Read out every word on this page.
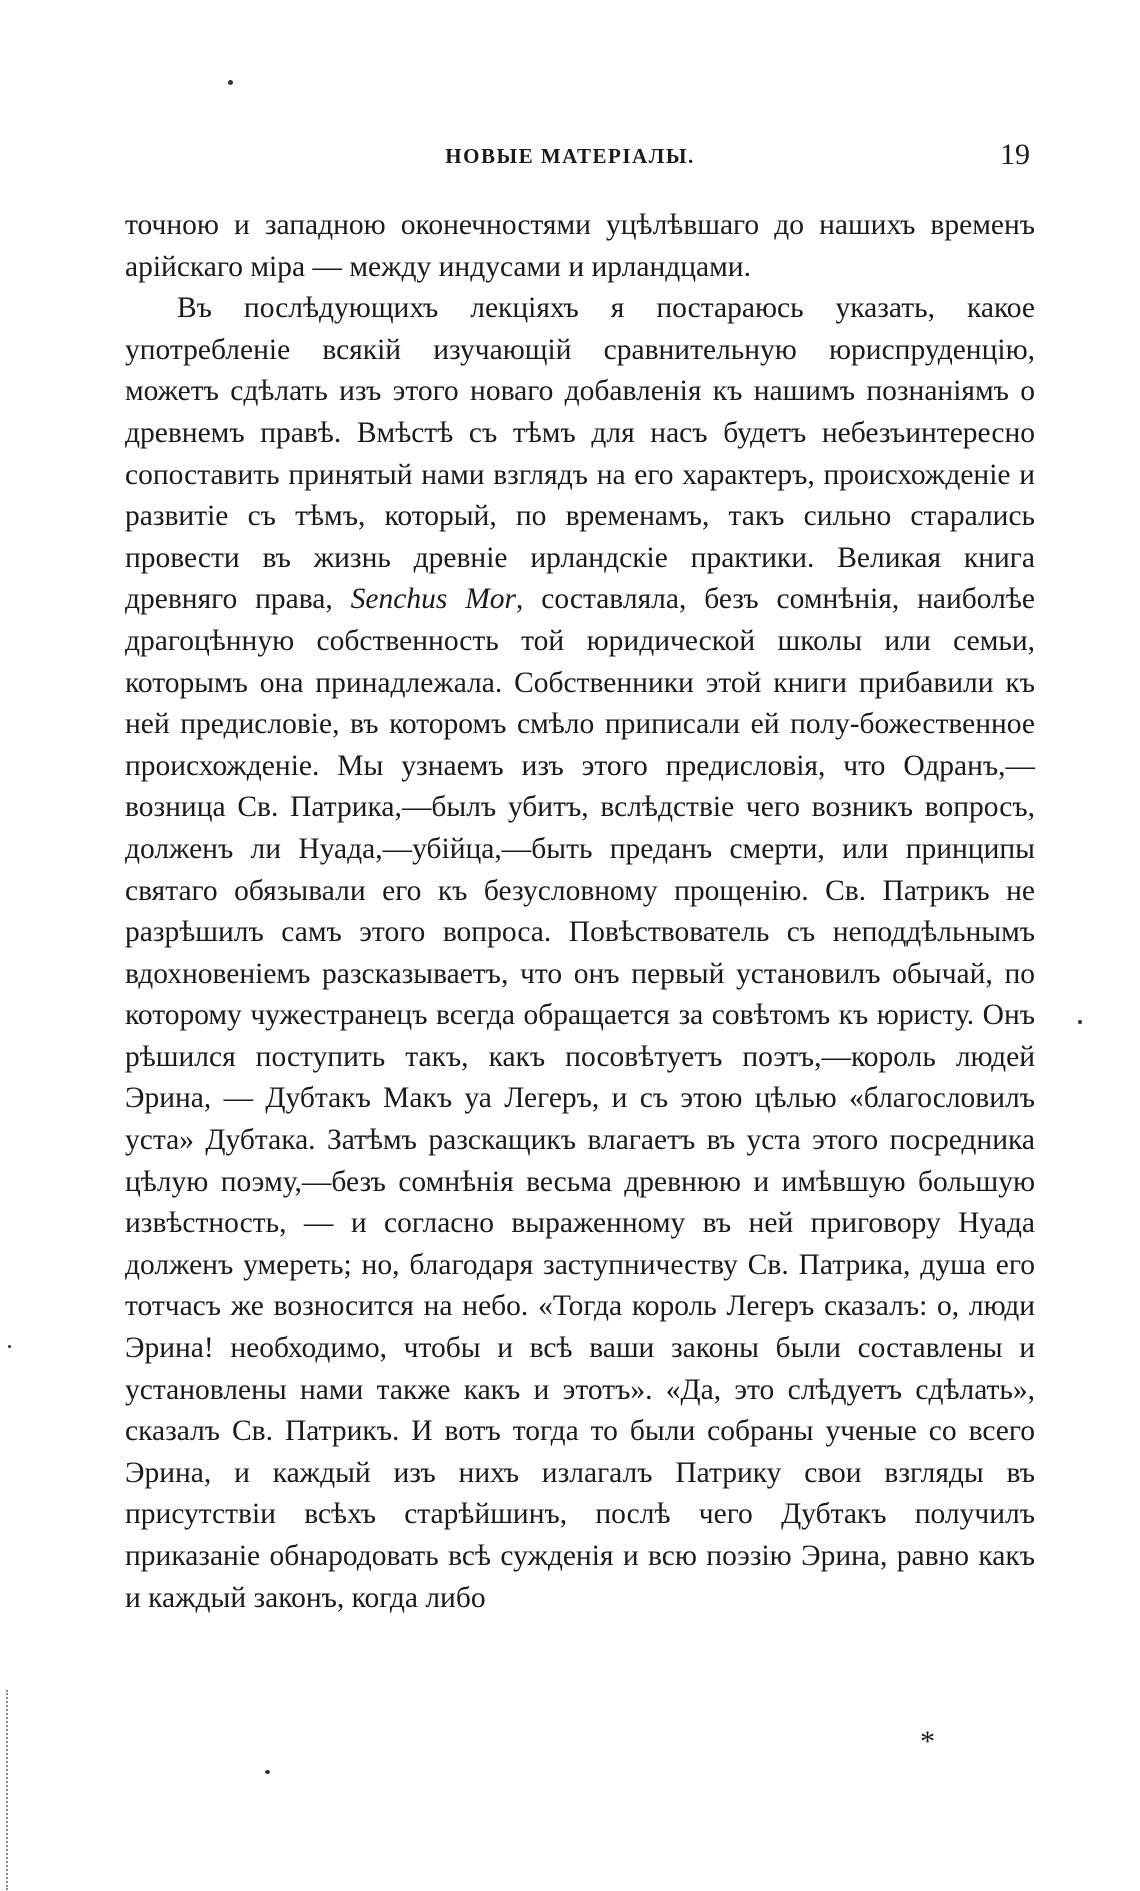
НОВЫЕ МАТЕРІАЛЫ.	19

точною и западною оконечностями уцѣлѣвшаго до нашихъ временъ арійскаго міра — между индусами и ирландцами.

Въ послѣдующихъ лекціяхъ я постараюсь указать, какое употребленіе всякій изучающій сравнительную юриспруденцію, можетъ сдѣлать изъ этого новаго добавленія къ нашимъ познаніямъ о древнемъ правѣ. Вмѣстѣ съ тѣмъ для насъ будетъ небезъинтересно сопоставить принятый нами взглядъ на его характеръ, происхожденіе и развитіе съ тѣмъ, который, по временамъ, такъ сильно старались провести въ жизнь древніе ирландскіе практики. Великая книга древняго права, Senchus Mor, составляла, безъ сомнѣнія, наиболѣе драгоцѣнную собственность той юридической школы или семьи, которымъ она принадлежала. Собственники этой книги прибавили къ ней предисловіе, въ которомъ смѣло приписали ей полу-божественное происхожденіе. Мы узнаемъ изъ этого предисловія, что Одранъ,—возница Св. Патрика,—былъ убитъ, вслѣдствіе чего возникъ вопросъ, долженъ ли Нуада,—убійца,—быть преданъ смерти, или принципы святаго обязывали его къ безусловному прощенію. Св. Патрикъ не разрѣшилъ самъ этого вопроса. Повѣствователь съ неподдѣльнымъ вдохновеніемъ разсказываетъ, что онъ первый установилъ обычай, по которому чужестранецъ всегда обращается за совѣтомъ къ юристу. Онъ рѣшился поступить такъ, какъ посовѣтуетъ поэтъ,—король людей Эрина, — Дубтакъ Макъ уа Легеръ, и съ этою цѣлью «благословилъ уста» Дубтака. Затѣмъ разскащикъ влагаетъ въ уста этого посредника цѣлую поэму,—безъ сомнѣнія весьма древнюю и имѣвшую большую извѣстность, — и согласно выраженному въ ней приговору Нуада долженъ умереть; но, благодаря заступничеству Св. Патрика, душа его тотчасъ же возносится на небо. «Тогда король Легеръ сказалъ: о, люди Эрина! необходимо, чтобы и всѣ ваши законы были составлены и установлены нами также какъ и этотъ». «Да, это слѣдуетъ сдѣлать», сказалъ Св. Патрикъ. И вотъ тогда то были собраны ученые со всего Эрина, и каждый изъ нихъ излагалъ Патрику свои взгляды въ присутствіи всѣхъ старѣйшинъ, послѣ чего Дубтакъ получилъ приказаніе обнародовать всѣ сужденія и всю поэзію Эрина, равно какъ и каждый законъ, когда либо

*
